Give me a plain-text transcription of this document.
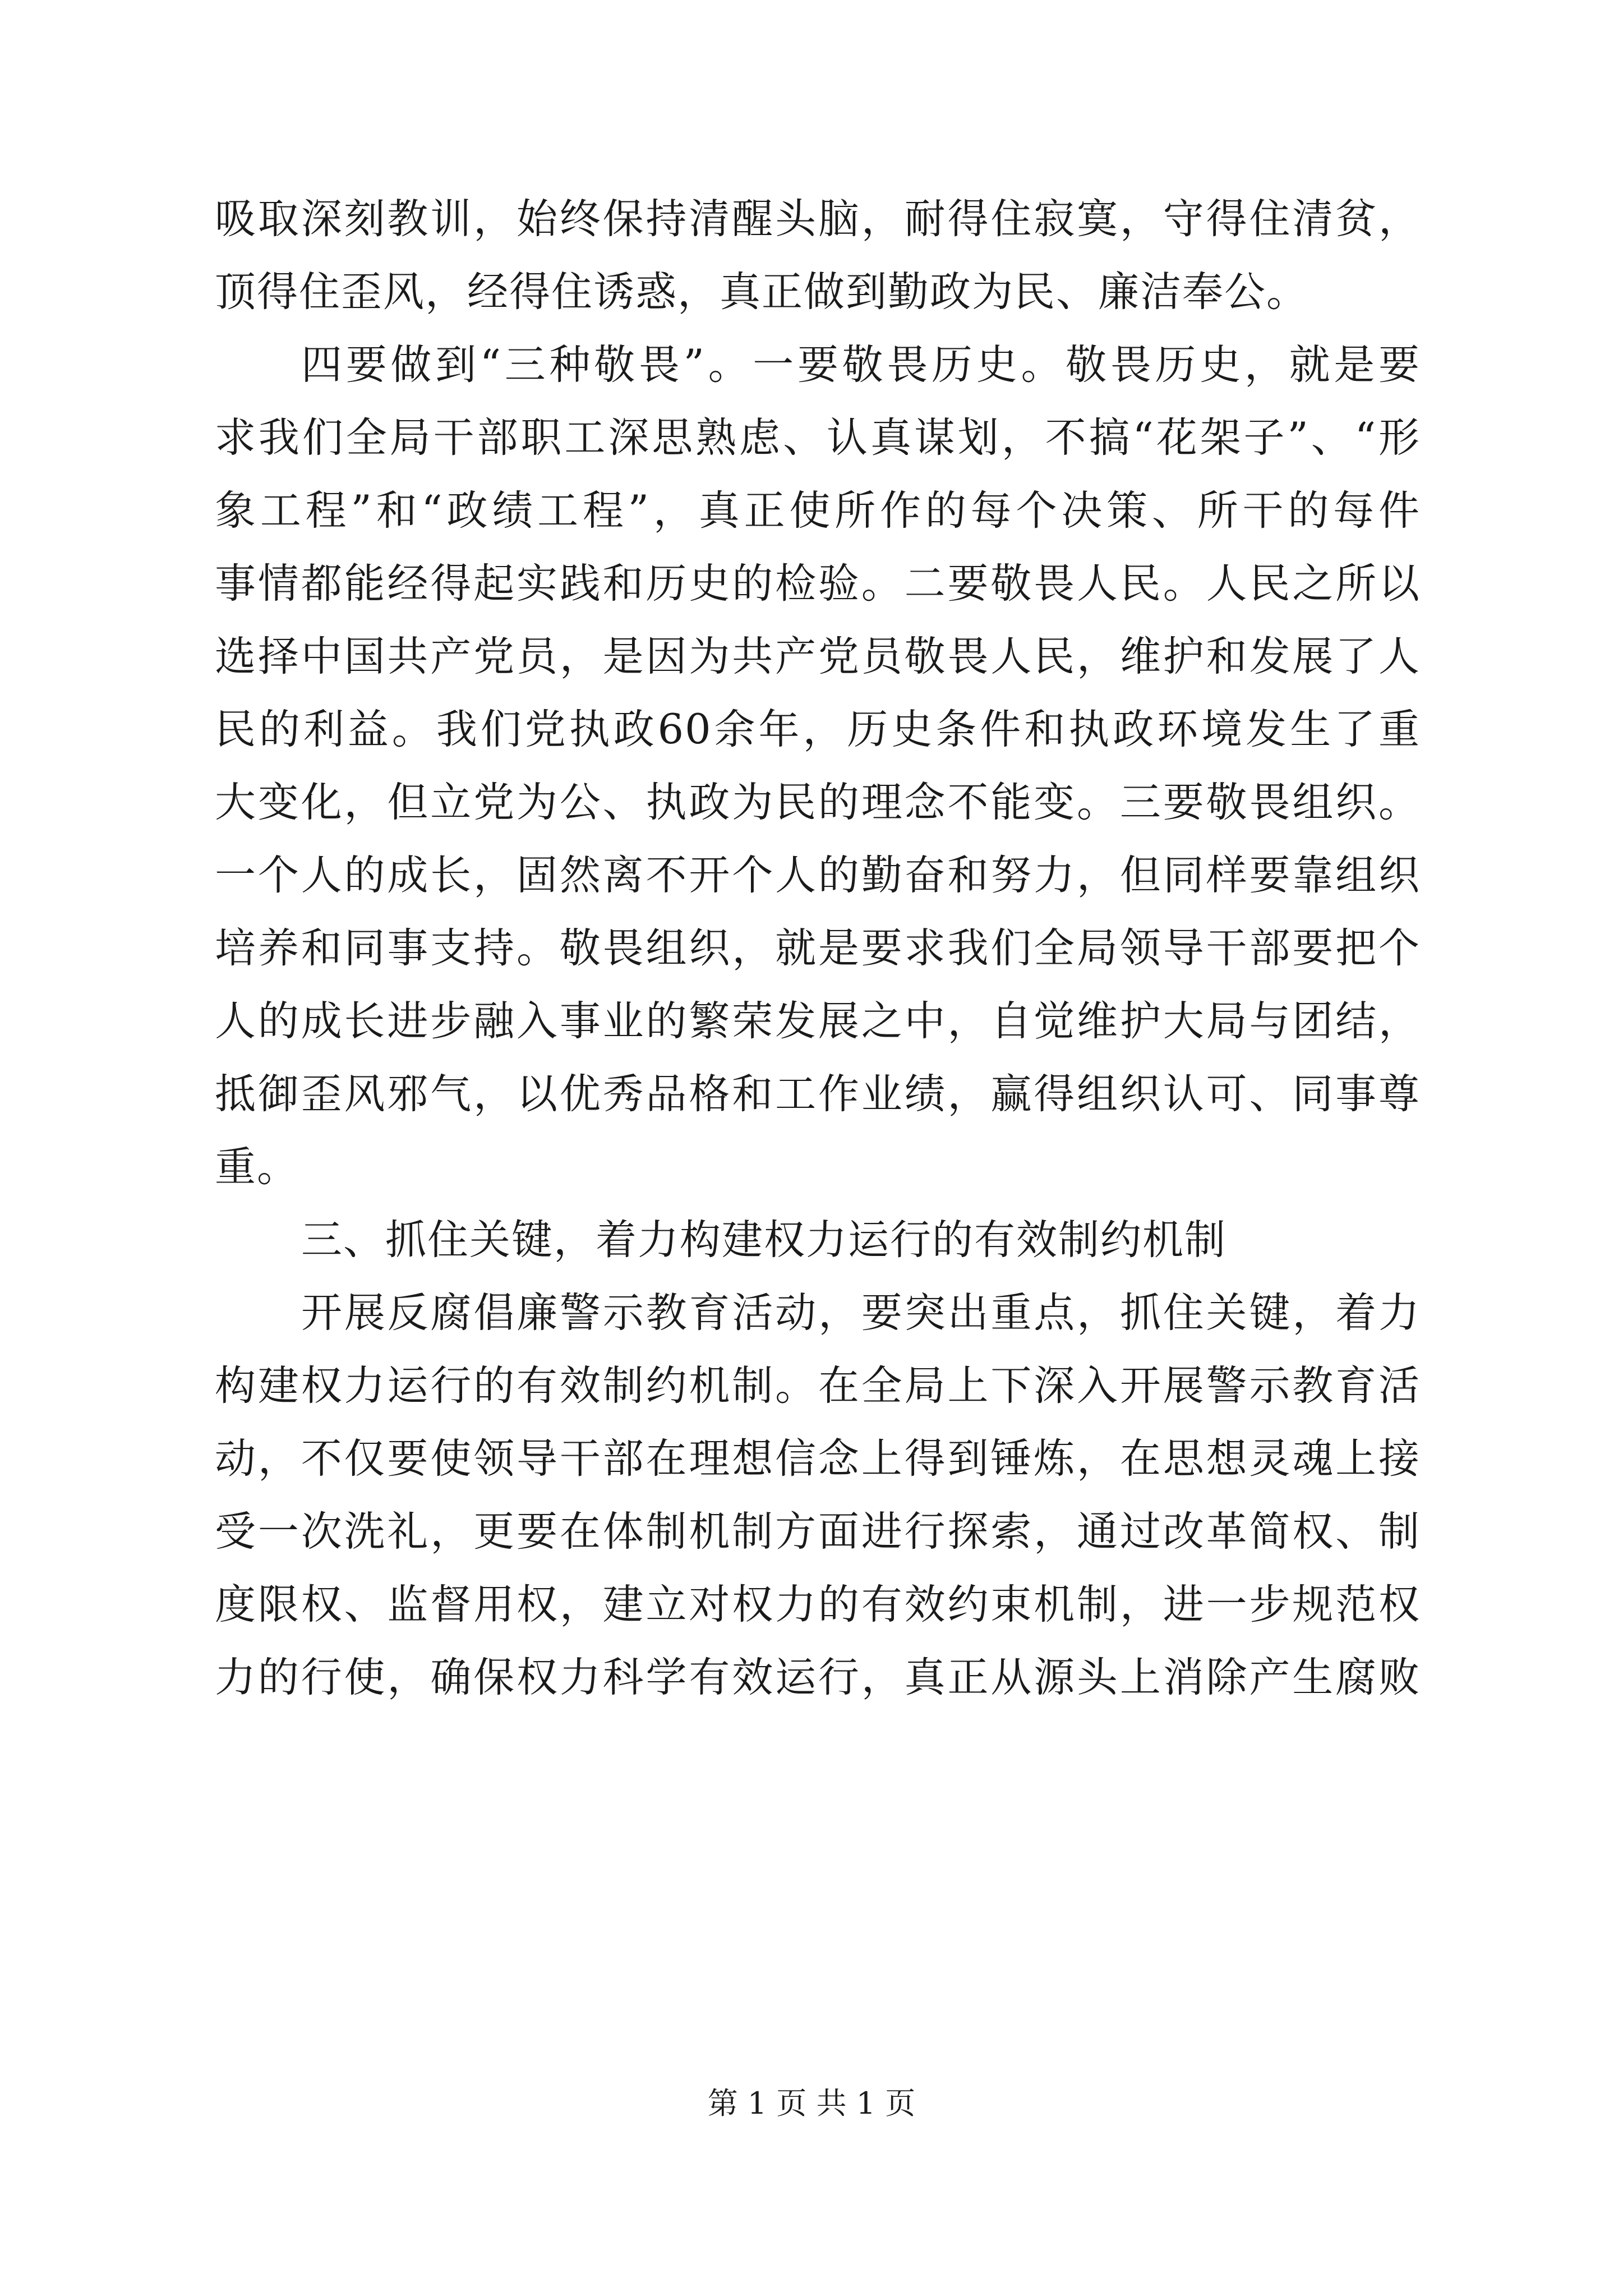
吸取深刻教训，始终保持清醒头脑，耐得住寂寞，守得住清贫，
顶得住歪风，经得住诱惑，真正做到勤政为民、廉洁奉公。
四要做到“三种敬畏”。一要敬畏历史。敬畏历史，就是要
求我们全局干部职工深思熟虑、认真谋划，不搞“花架子”、“形
象工程”和“政绩工程”，真正使所作的每个决策、所干的每件
事情都能经得起实践和历史的检验。二要敬畏人民。人民之所以
选择中国共产党员，是因为共产党员敬畏人民，维护和发展了人
民的利益。我们党执政60余年，历史条件和执政环境发生了重
大变化，但立党为公、执政为民的理念不能变。三要敬畏组织。
一个人的成长，固然离不开个人的勤奋和努力，但同样要靠组织
培养和同事支持。敬畏组织，就是要求我们全局领导干部要把个
人的成长进步融入事业的繁荣发展之中，自觉维护大局与团结，
抵御歪风邪气，以优秀品格和工作业绩，赢得组织认可、同事尊
重。
三、抓住关键，着力构建权力运行的有效制约机制
开展反腐倡廉警示教育活动，要突出重点，抓住关键，着力
构建权力运行的有效制约机制。在全局上下深入开展警示教育活
动，不仅要使领导干部在理想信念上得到锤炼，在思想灵魂上接
受一次洗礼，更要在体制机制方面进行探索，通过改革简权、制
度限权、监督用权，建立对权力的有效约束机制，进一步规范权
力的行使，确保权力科学有效运行，真正从源头上消除产生腐败
第 1 页 共 1 页
